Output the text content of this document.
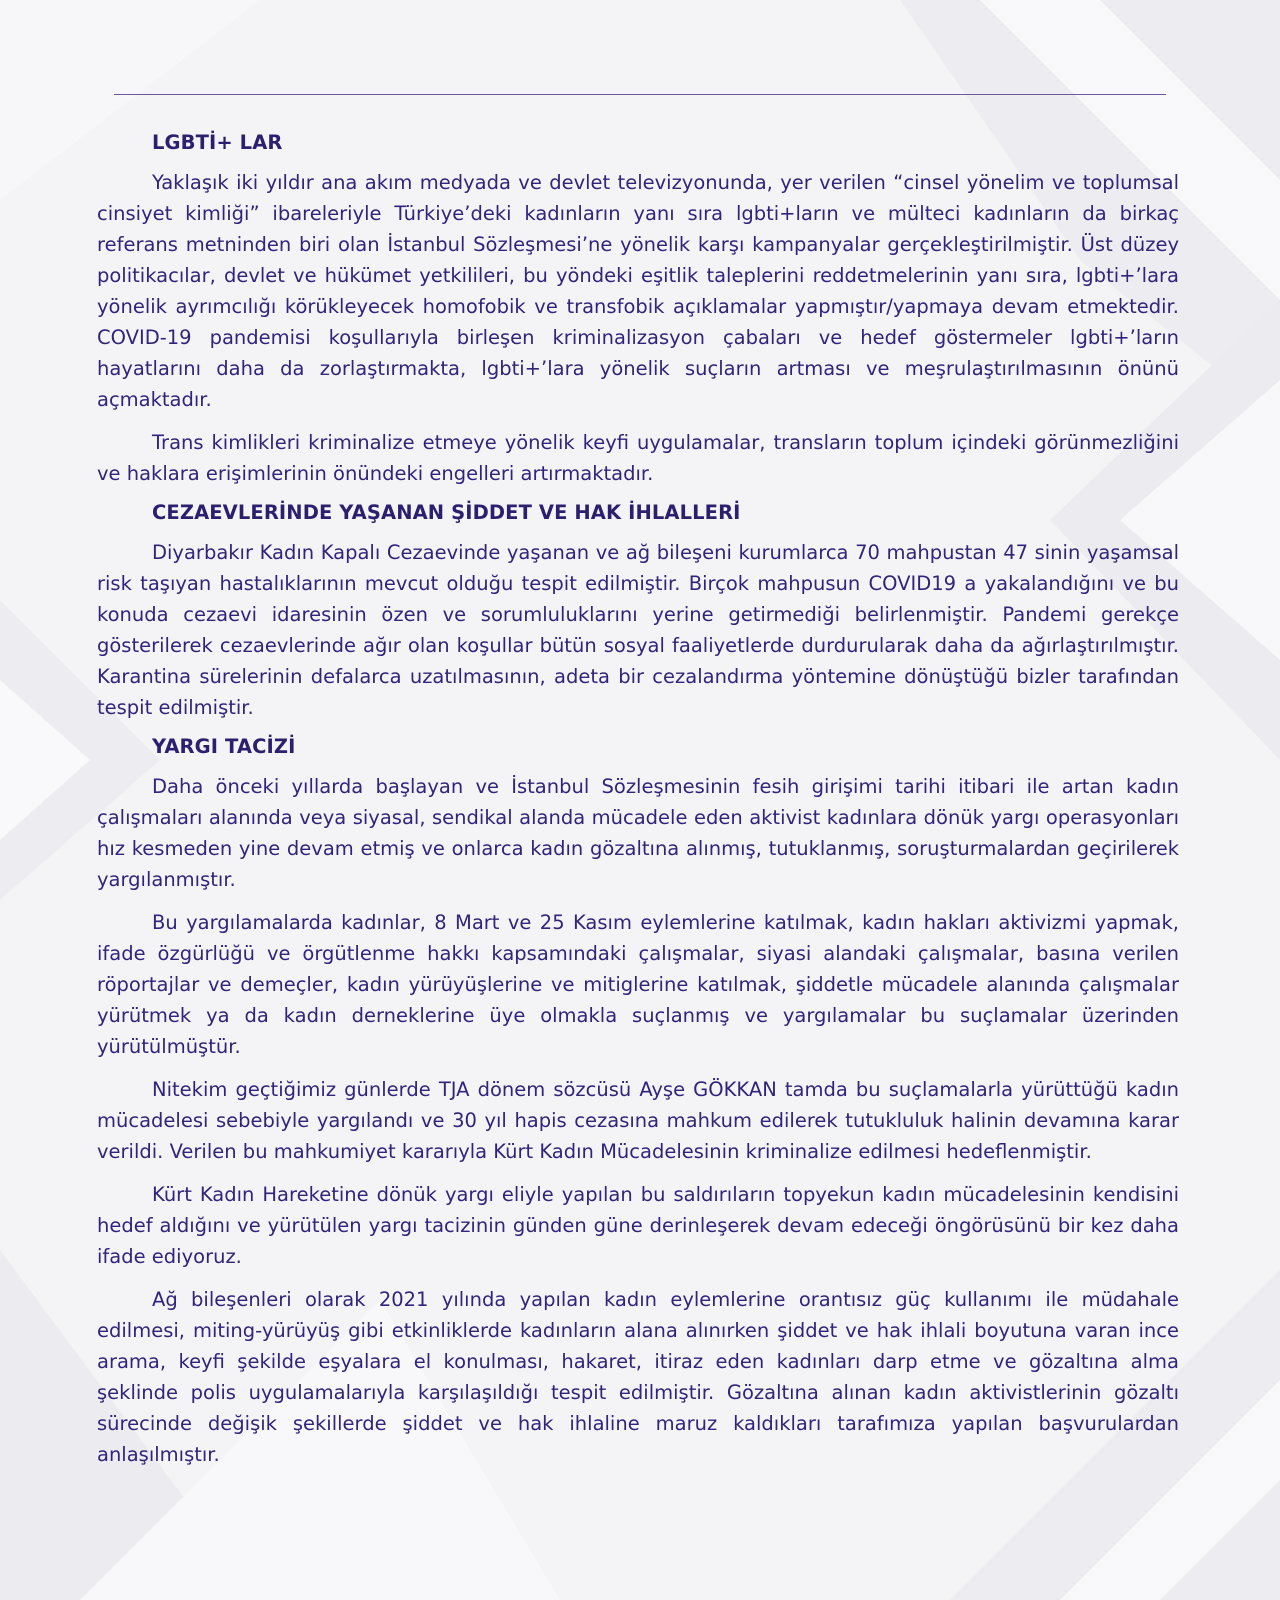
LGBTİ+ LAR

Yaklaşık iki yıldır ana akım medyada ve devlet televizyonunda, yer verilen “cinsel yönelim ve toplumsal cinsiyet kimliği” ibareleriyle Türkiye’deki kadınların yanı sıra lgbti+ların ve mülteci kadınların da birkaç referans metninden biri olan İstanbul Sözleşmesi’ne yönelik karşı kampanyalar gerçekleştirilmiştir. Üst düzey politikacılar, devlet ve hükümet yetkilileri, bu yöndeki eşitlik taleplerini reddetmelerinin yanı sıra, lgbti+’lara yönelik ayrımcılığı körükleyecek homofobik ve transfobik açıklamalar yapmıştır/yapmaya devam etmektedir. COVID-19 pandemisi koşullarıyla birleşen kriminalizasyon çabaları ve hedef göstermeler lgbti+’ların hayatlarını daha da zorlaştırmakta, lgbti+’lara yönelik suçların artması ve meşrulaştırılmasının önünü açmaktadır.

Trans kimlikleri kriminalize etmeye yönelik keyfi uygulamalar, transların toplum içindeki görünmezliğini ve haklara erişimlerinin önündeki engelleri artırmaktadır.

CEZAEVLERİNDE YAŞANAN ŞİDDET VE HAK İHLALLERİ

Diyarbakır Kadın Kapalı Cezaevinde yaşanan ve ağ bileşeni kurumlarca 70 mahpustan 47 sinin yaşamsal risk taşıyan hastalıklarının mevcut olduğu tespit edilmiştir. Birçok mahpusun COVID19 a yakalandığını ve bu konuda cezaevi idaresinin özen ve sorumluluklarını yerine getirmediği belirlenmiştir. Pandemi gerekçe gösterilerek cezaevlerinde ağır olan koşullar bütün sosyal faaliyetlerde durdurularak daha da ağırlaştırılmıştır. Karantina sürelerinin defalarca uzatılmasının, adeta bir cezalandırma yöntemine dönüştüğü bizler tarafından tespit edilmiştir.

YARGI TACİZİ

Daha önceki yıllarda başlayan ve İstanbul Sözleşmesinin fesih girişimi tarihi itibari ile artan kadın çalışmaları alanında veya siyasal, sendikal alanda mücadele eden aktivist kadınlara dönük yargı operasyonları hız kesmeden yine devam etmiş ve onlarca kadın gözaltına alınmış, tutuklanmış, soruşturmalardan geçirilerek yargılanmıştır.

Bu yargılamalarda kadınlar, 8 Mart ve 25 Kasım eylemlerine katılmak, kadın hakları aktivizmi yapmak, ifade özgürlüğü ve örgütlenme hakkı kapsamındaki çalışmalar, siyasi alandaki çalışmalar, basına verilen röportajlar ve demeçler, kadın yürüyüşlerine ve mitiglerine katılmak, şiddetle mücadele alanında çalışmalar yürütmek ya da kadın derneklerine üye olmakla suçlanmış ve yargılamalar bu suçlamalar üzerinden yürütülmüştür.

Nitekim geçtiğimiz günlerde TJA dönem sözcüsü Ayşe GÖKKAN tamda bu suçlamalarla yürüttüğü kadın mücadelesi sebebiyle yargılandı ve 30 yıl hapis cezasına mahkum edilerek tutukluluk halinin devamına karar verildi. Verilen bu mahkumiyet kararıyla Kürt Kadın Mücadelesinin kriminalize edilmesi hedeflenmiştir.

Kürt Kadın Hareketine dönük yargı eliyle yapılan bu saldırıların topyekun kadın mücadelesinin kendisini hedef aldığını ve yürütülen yargı tacizinin günden güne derinleşerek devam edeceği öngörüsünü bir kez daha ifade ediyoruz.

Ağ bileşenleri olarak 2021 yılında yapılan kadın eylemlerine orantısız güç kullanımı ile müdahale edilmesi, miting-yürüyüş gibi etkinliklerde kadınların alana alınırken şiddet ve hak ihlali boyutuna varan ince arama, keyfi şekilde eşyalara el konulması, hakaret, itiraz eden kadınları darp etme ve gözaltına alma şeklinde polis uygulamalarıyla karşılaşıldığı tespit edilmiştir. Gözaltına alınan kadın aktivistlerinin gözaltı sürecinde değişik şekillerde şiddet ve hak ihlaline maruz kaldıkları tarafımıza yapılan başvurulardan anlaşılmıştır.
